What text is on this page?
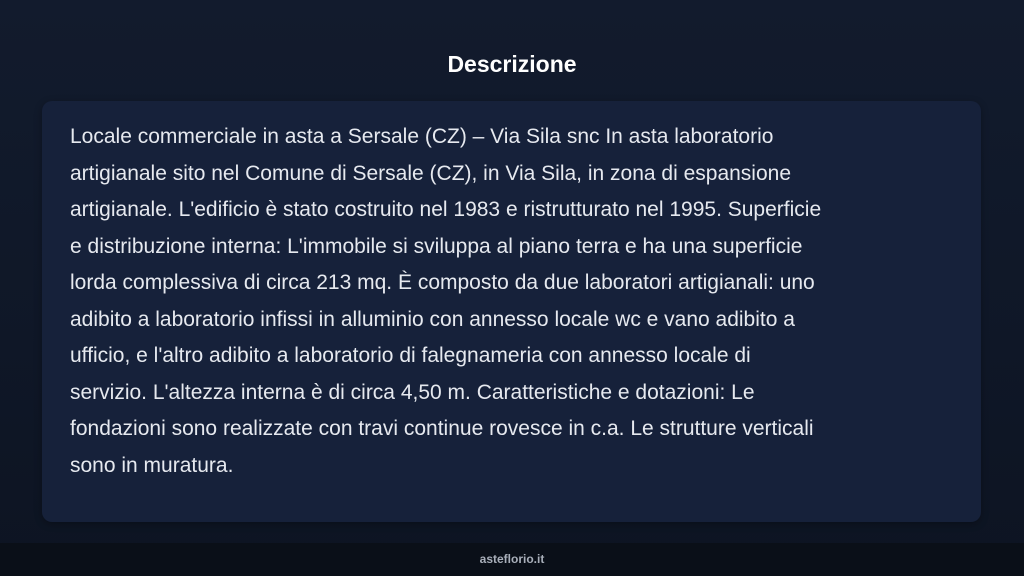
Descrizione
Locale commerciale in asta a Sersale (CZ) – Via Sila snc In asta laboratorio
artigianale sito nel Comune di Sersale (CZ), in Via Sila, in zona di espansione
artigianale. L'edificio è stato costruito nel 1983 e ristrutturato nel 1995. Superficie
e distribuzione interna: L'immobile si sviluppa al piano terra e ha una superficie
lorda complessiva di circa 213 mq. È composto da due laboratori artigianali: uno
adibito a laboratorio infissi in alluminio con annesso locale wc e vano adibito a
ufficio, e l'altro adibito a laboratorio di falegnameria con annesso locale di
servizio. L'altezza interna è di circa 4,50 m. Caratteristiche e dotazioni: Le
fondazioni sono realizzate con travi continue rovesce in c.a. Le strutture verticali
sono in muratura.
asteflorio.it
